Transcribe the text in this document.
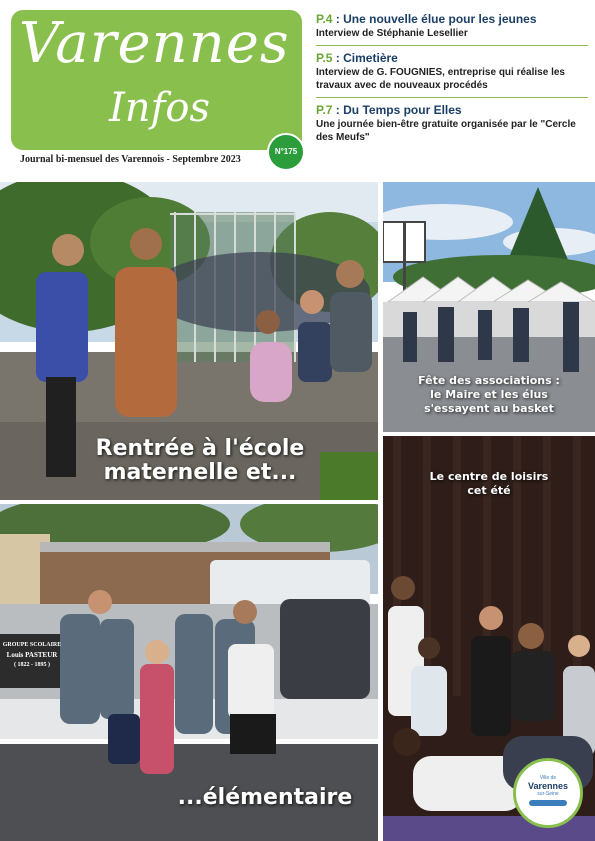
Varennes
Infos
N°175
Journal bi-mensuel des Varennois - Septembre 2023
P.4 : Une nouvelle élue pour les jeunes
Interview de Stéphanie Lesellier
P.5 : Cimetière
Interview de G. FOUGNIES, entreprise qui réalise les travaux avec de nouveaux procédés
P.7 : Du Temps pour Elles
Une journée bien-être gratuite organisée par le "Cercle des Meufs"
Rentrée à l'école
maternelle et...
Fête des associations :
le Maire et les élus
s'essayent au basket
GROUPE SCOLAIRE
Louis PASTEUR
( 1822 - 1895 )
...élémentaire
Le centre de loisirs
cet été
Ville de
Varennes
sur-Seine
